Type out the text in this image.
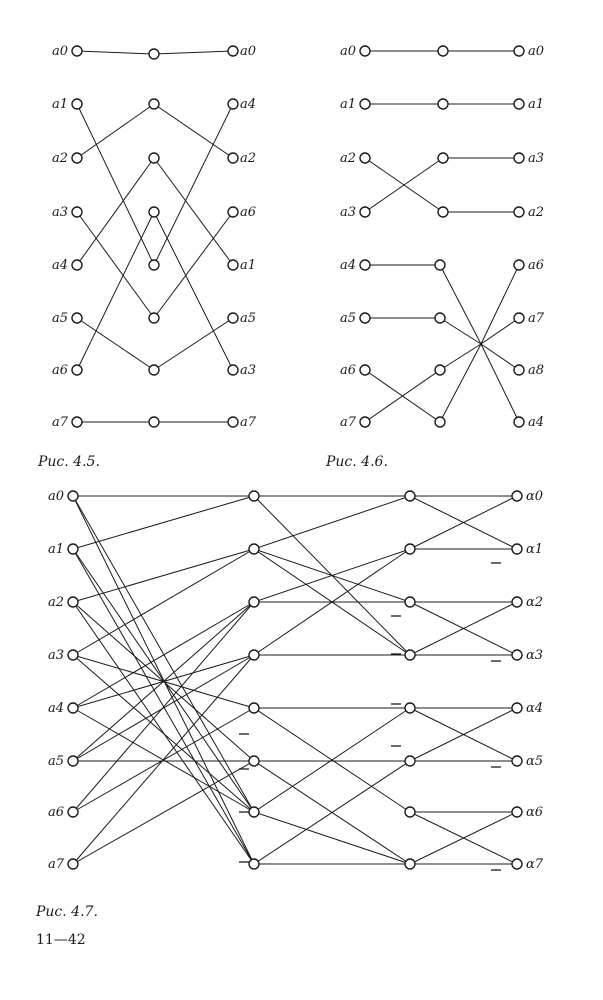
a0
a1
a2
a3
a4
a5
a6
a7
a0
a4
a2
a6
a1
a5
a3
a7
a0
a1
a2
a3
a4
a5
a6
a7
a0
a1
a3
a2
a6
a7
a8
a4
a0
a1
a2
a3
a4
a5
a6
a7
α0
α1
α2
α3
α4
α5
α6
α7
Рис. 4.5.	Рис. 4.6.
Рис. 4.7.
11—42
